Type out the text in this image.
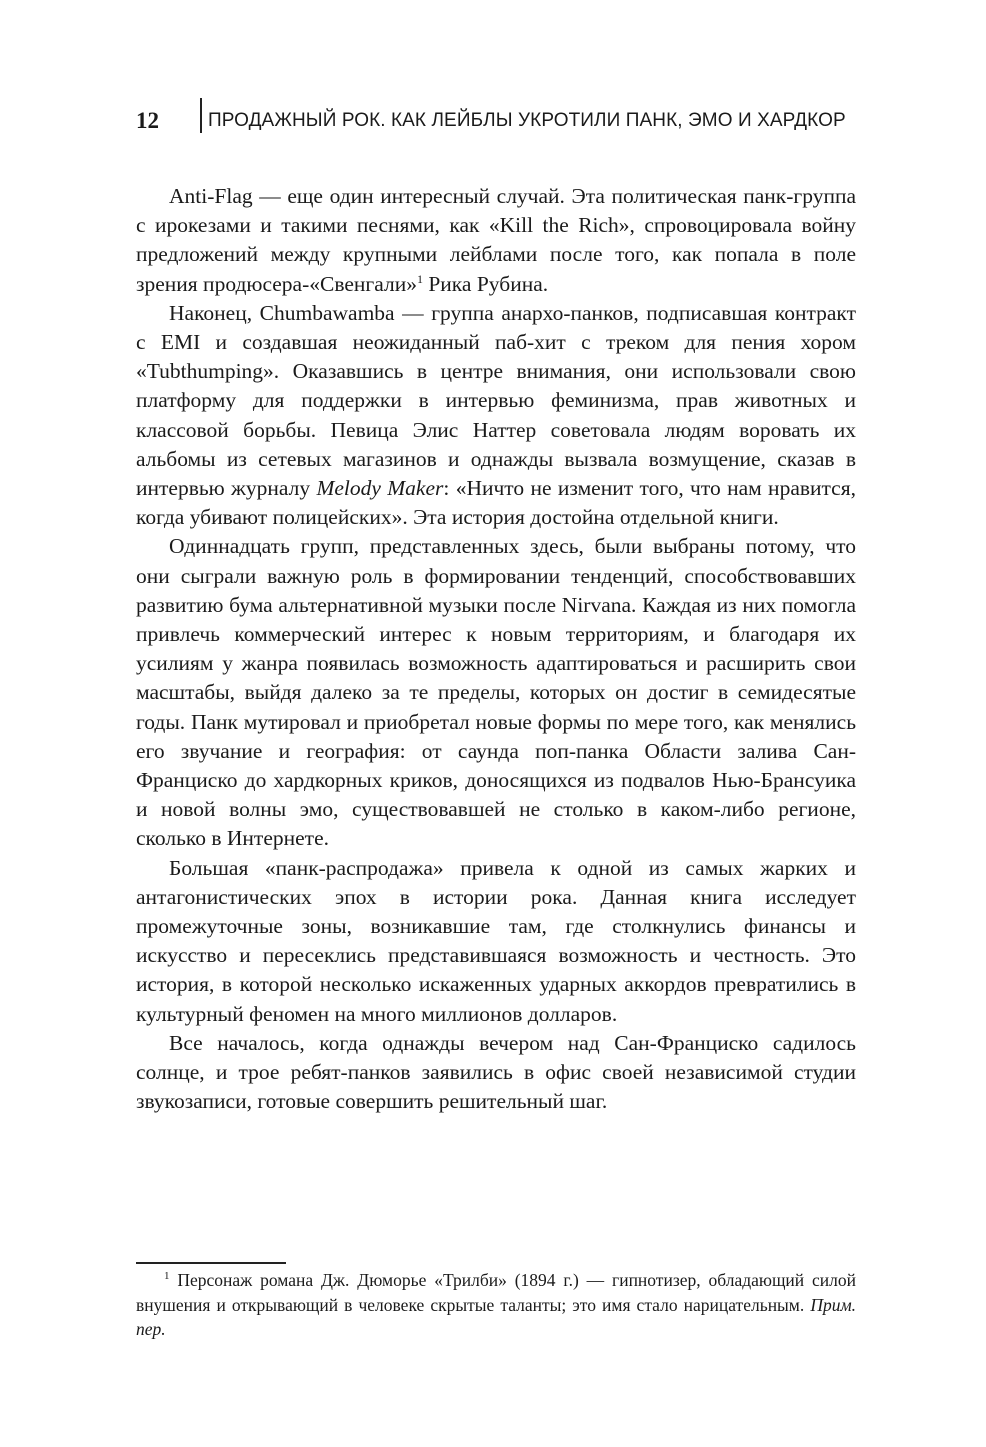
12	ПРОДАЖНЫЙ РОК. КАК ЛЕЙБЛЫ УКРОТИЛИ ПАНК, ЭМО И ХАРДКОР

Anti-Flag — еще один интересный случай. Эта политическая панк-группа с ирокезами и такими песнями, как «Kill the Rich», спровоцировала войну предложений между крупными лейблами после того, как попала в поле зрения продюсера-«Свенгали»$^1$ Рика Рубина.

Наконец, Chumbawamba — группа анархо-панков, подписавшая контракт с EMI и создавшая неожиданный паб-хит с треком для пения хором «Tubthumping». Оказавшись в центре внимания, они использовали свою платформу для поддержки в интервью феминизма, прав животных и классовой борьбы. Певица Элис Наттер советовала людям воровать их альбомы из сетевых магазинов и однажды вызвала возмущение, сказав в интервью журналу Melody Maker: «Ничто не изменит того, что нам нравится, когда убивают полицейских». Эта история достойна отдельной книги.

Одиннадцать групп, представленных здесь, были выбраны потому, что они сыграли важную роль в формировании тенденций, способствовавших развитию бума альтернативной музыки после Nirvana. Каждая из них помогла привлечь коммерческий интерес к новым территориям, и благодаря их усилиям у жанра появилась возможность адаптироваться и расширить свои масштабы, выйдя далеко за те пределы, которых он достиг в семидесятые годы. Панк мутировал и приобретал новые формы по мере того, как менялись его звучание и география: от саунда поп-панка Области залива Сан-Франциско до хардкорных криков, доносящихся из подвалов Нью-Брансуика и новой волны эмо, существовавшей не столько в каком-либо регионе, сколько в Интернете.

Большая «панк-распродажа» привела к одной из самых жарких и антагонистических эпох в истории рока. Данная книга исследует промежуточные зоны, возникавшие там, где столкнулись финансы и искусство и пересеклись представившаяся возможность и честность. Это история, в которой несколько искаженных ударных аккордов превратились в культурный феномен на много миллионов долларов.

Все началось, когда однажды вечером над Сан-Франциско садилось солнце, и трое ребят-панков заявились в офис своей независимой студии звукозаписи, готовые совершить решительный шаг.

$^1$ Персонаж романа Дж. Дюморье «Трилби» (1894 г.) — гипнотизер, обладающий силой внушения и открывающий в человеке скрытые таланты; это имя стало нарицательным. Прим. пер.
